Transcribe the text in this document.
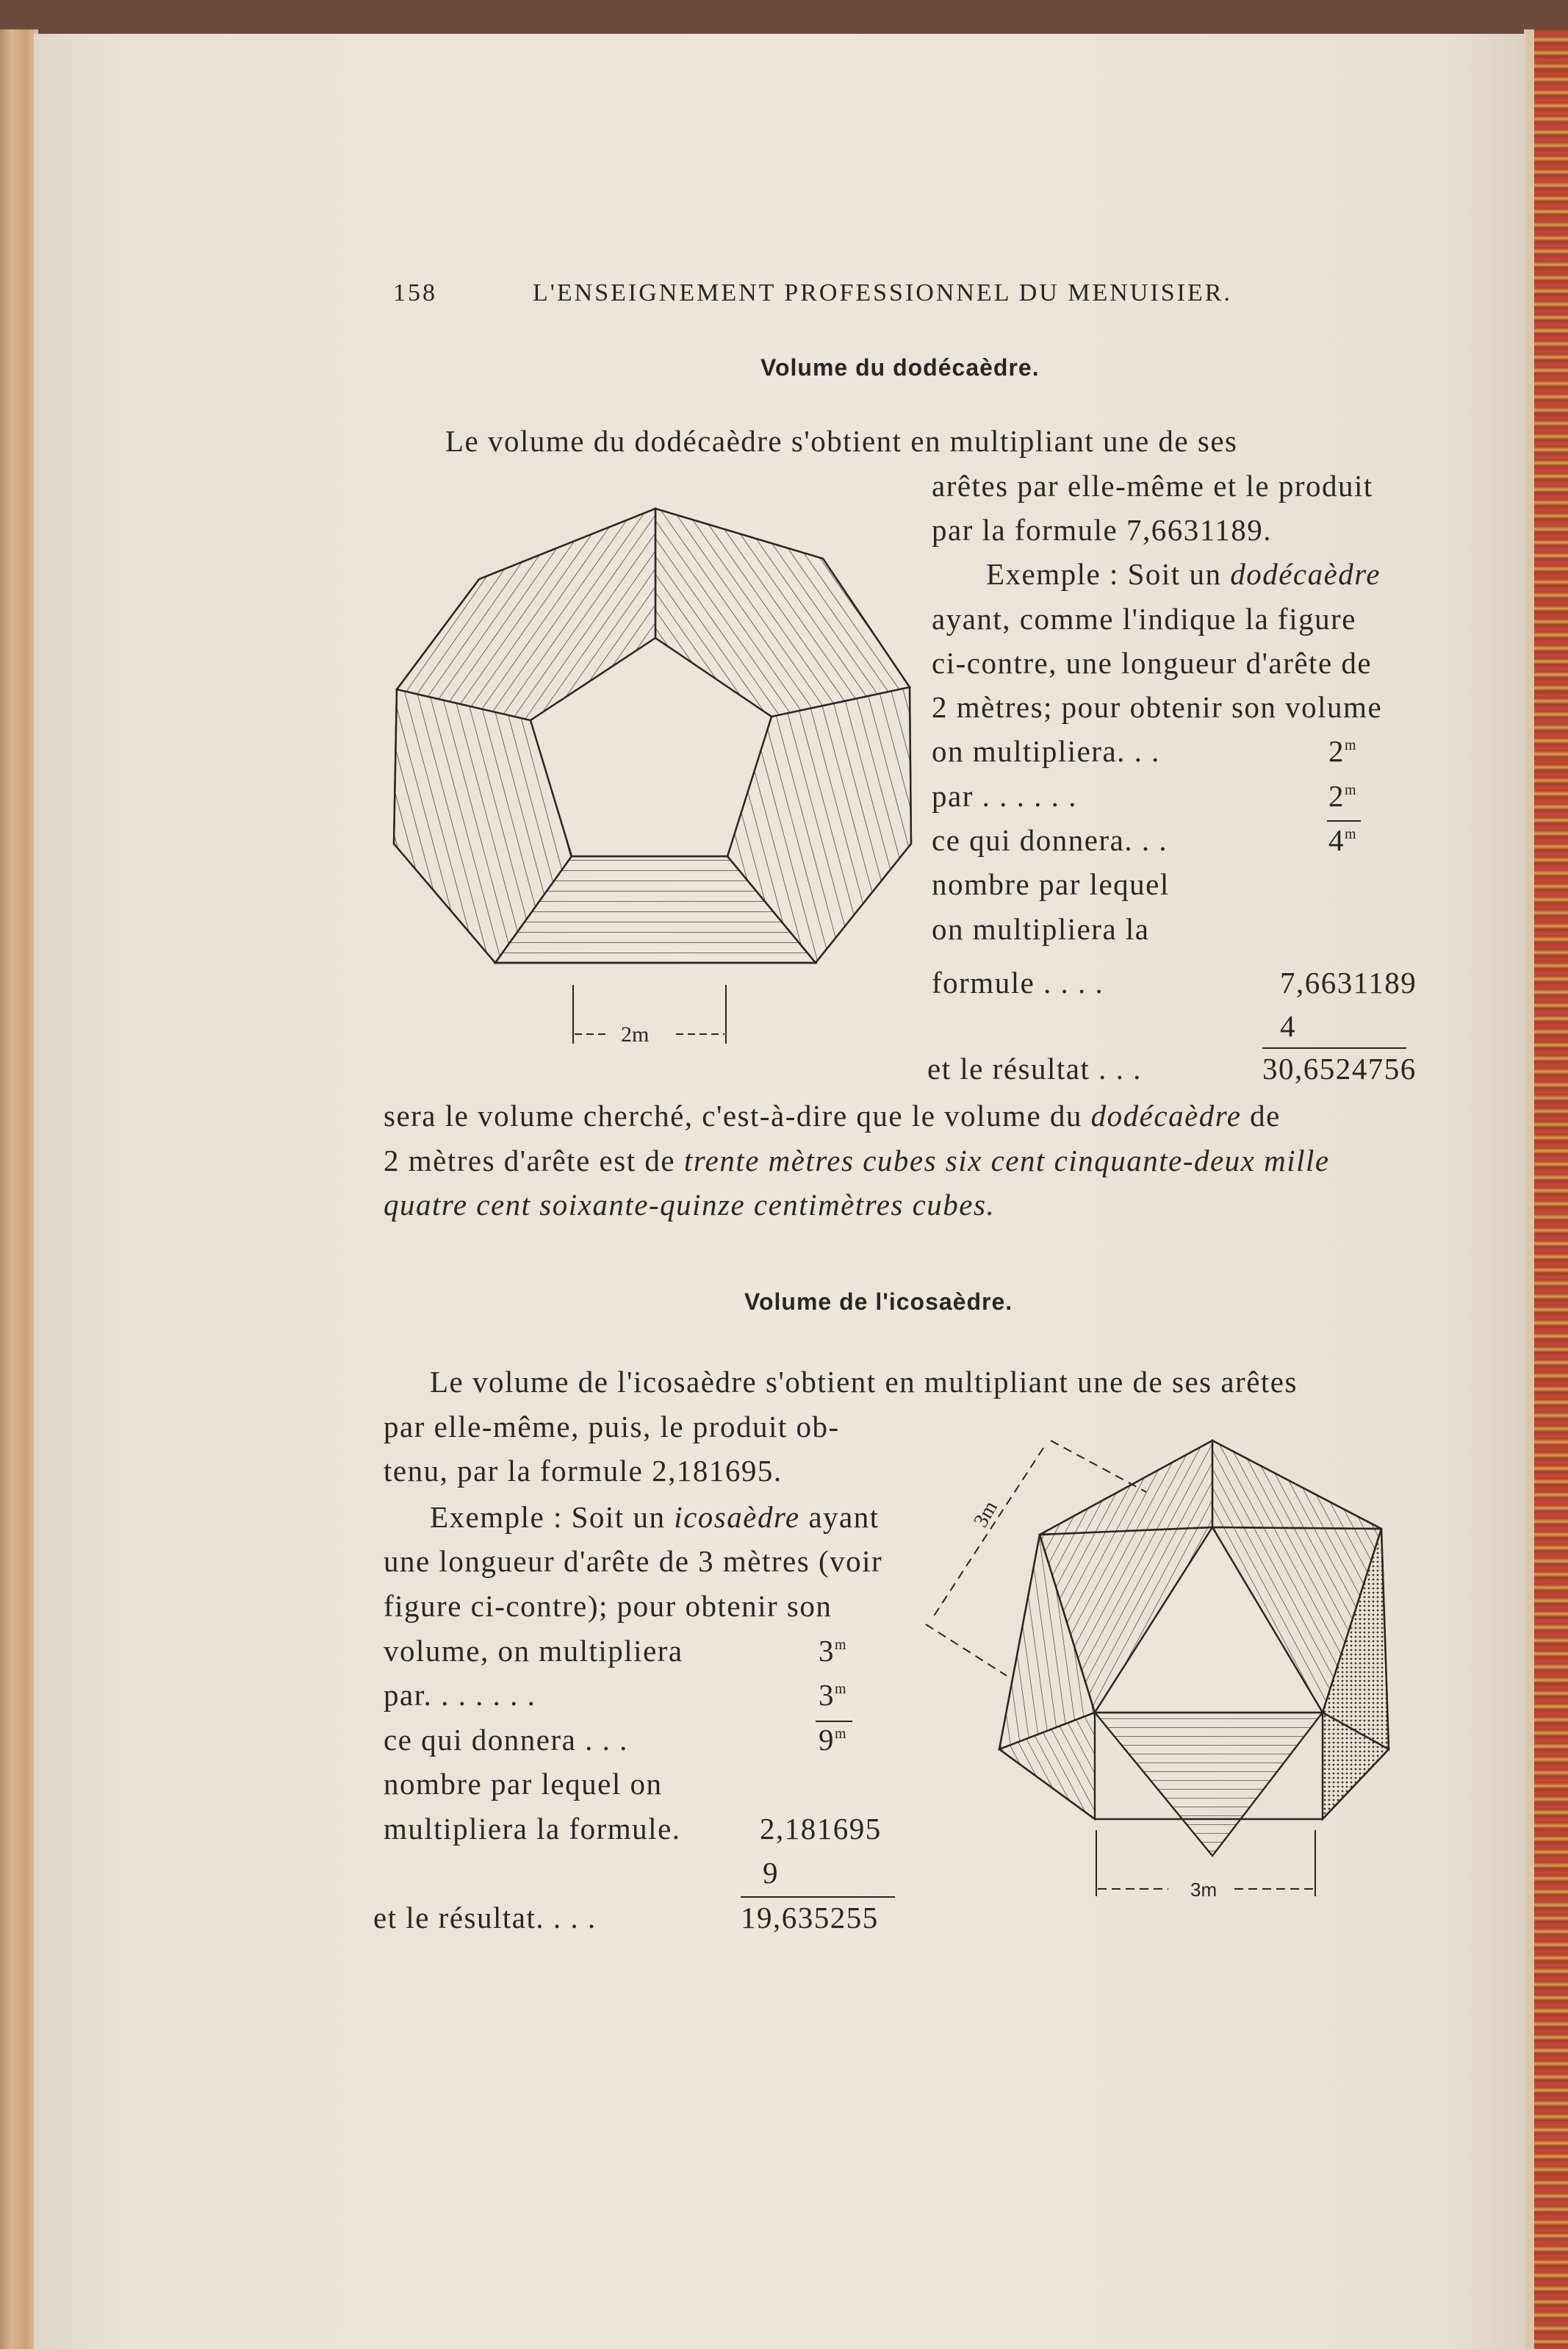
158	L'ENSEIGNEMENT PROFESSIONNEL DU MENUISIER.
Volume du dodécaèdre.
Le volume du dodécaèdre s'obtient en multipliant une de ses
arêtes par elle-même et le produit
par la formule 7,6631189.
Exemple : Soit un dodécaèdre
ayant, comme l'indique la figure
ci-contre, une longueur d'arête de
2 mètres; pour obtenir son volume
on multipliera. . .
par . . . . . .
ce qui donnera. . .
nombre par lequel
on multipliera la
formule . . . .
et le résultat . . .
2$^m$
2$^m$
4$^m$
7,6631189
4
30,6524756
sera le volume cherché, c'est-à-dire que le volume du dodécaèdre de
2 mètres d'arête est de trente mètres cubes six cent cinquante-deux mille
quatre cent soixante-quinze centimètres cubes.
2m
Volume de l'icosaèdre.
Le volume de l'icosaèdre s'obtient en multipliant une de ses arêtes
par elle-même, puis, le produit ob-
tenu, par la formule 2,181695.
Exemple : Soit un icosaèdre ayant
une longueur d'arête de 3 mètres (voir
figure ci-contre); pour obtenir son
volume, on multipliera
par. . . . . . .
ce qui donnera . . .
nombre par lequel on
multipliera la formule.
et le résultat. . . .
3$^m$
3$^m$
9$^m$
2,181695
9
19,635255
3m
3m
